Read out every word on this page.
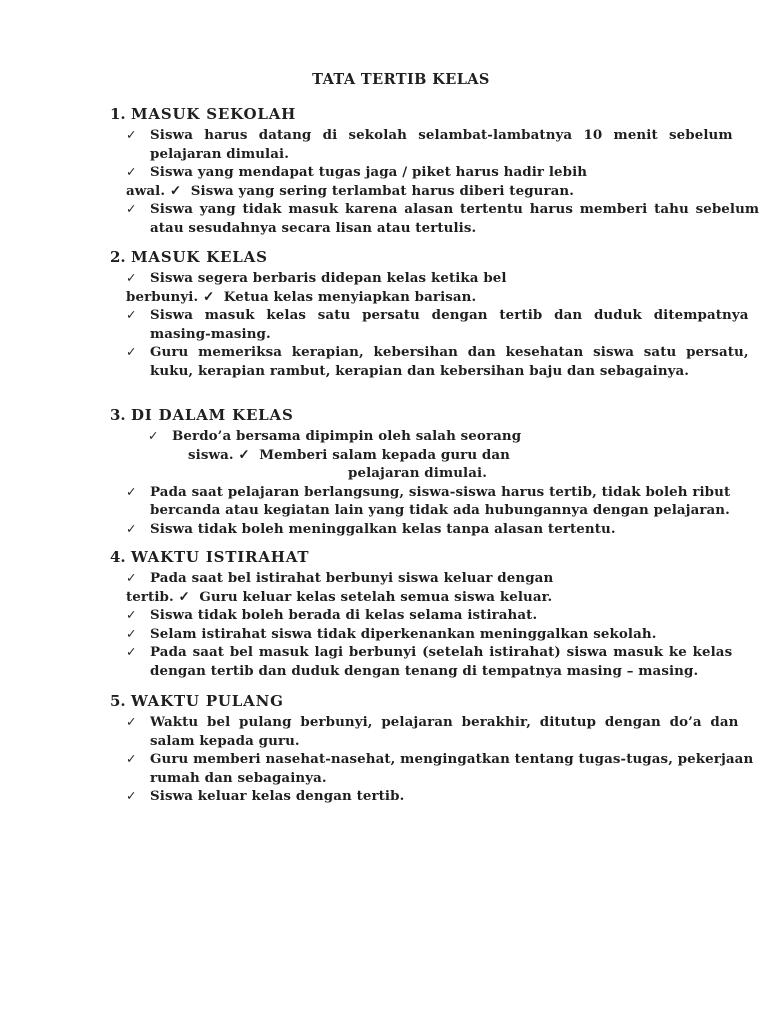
TATA TERTIB KELAS
1. MASUK SEKOLAH
✓	Siswa harus datang di sekolah selambat-lambatnya 10 menit sebelum
pelajaran dimulai.
✓	Siswa yang mendapat tugas jaga / piket harus hadir lebih
awal. ✓  Siswa yang sering terlambat harus diberi teguran.
✓	Siswa yang tidak masuk karena alasan tertentu harus memberi tahu sebelum
atau sesudahnya secara lisan atau tertulis.
2. MASUK KELAS
✓	Siswa segera berbaris didepan kelas ketika bel
berbunyi. ✓  Ketua kelas menyiapkan barisan.
✓	Siswa masuk kelas satu persatu dengan tertib dan duduk ditempatnya
masing-masing.
✓	Guru memeriksa kerapian, kebersihan dan kesehatan siswa satu persatu,
kuku, kerapian rambut, kerapian dan kebersihan baju dan sebagainya.
3. DI DALAM KELAS
✓	Berdo’a bersama dipimpin oleh salah seorang
siswa. ✓  Memberi salam kepada guru dan
pelajaran dimulai.
✓	Pada saat pelajaran berlangsung, siswa-siswa harus tertib, tidak boleh ribut
bercanda atau kegiatan lain yang tidak ada hubungannya dengan pelajaran.
✓	Siswa tidak boleh meninggalkan kelas tanpa alasan tertentu.
4. WAKTU ISTIRAHAT
✓	Pada saat bel istirahat berbunyi siswa keluar dengan
tertib. ✓  Guru keluar kelas setelah semua siswa keluar.
✓	Siswa tidak boleh berada di kelas selama istirahat.
✓	Selam istirahat siswa tidak diperkenankan meninggalkan sekolah.
✓	Pada saat bel masuk lagi berbunyi (setelah istirahat) siswa masuk ke kelas
dengan tertib dan duduk dengan tenang di tempatnya masing – masing.
5. WAKTU PULANG
✓	Waktu bel pulang berbunyi, pelajaran berakhir, ditutup dengan do’a dan
salam kepada guru.
✓	Guru memberi nasehat-nasehat, mengingatkan tentang tugas-tugas, pekerjaan
rumah dan sebagainya.
✓	Siswa keluar kelas dengan tertib.
